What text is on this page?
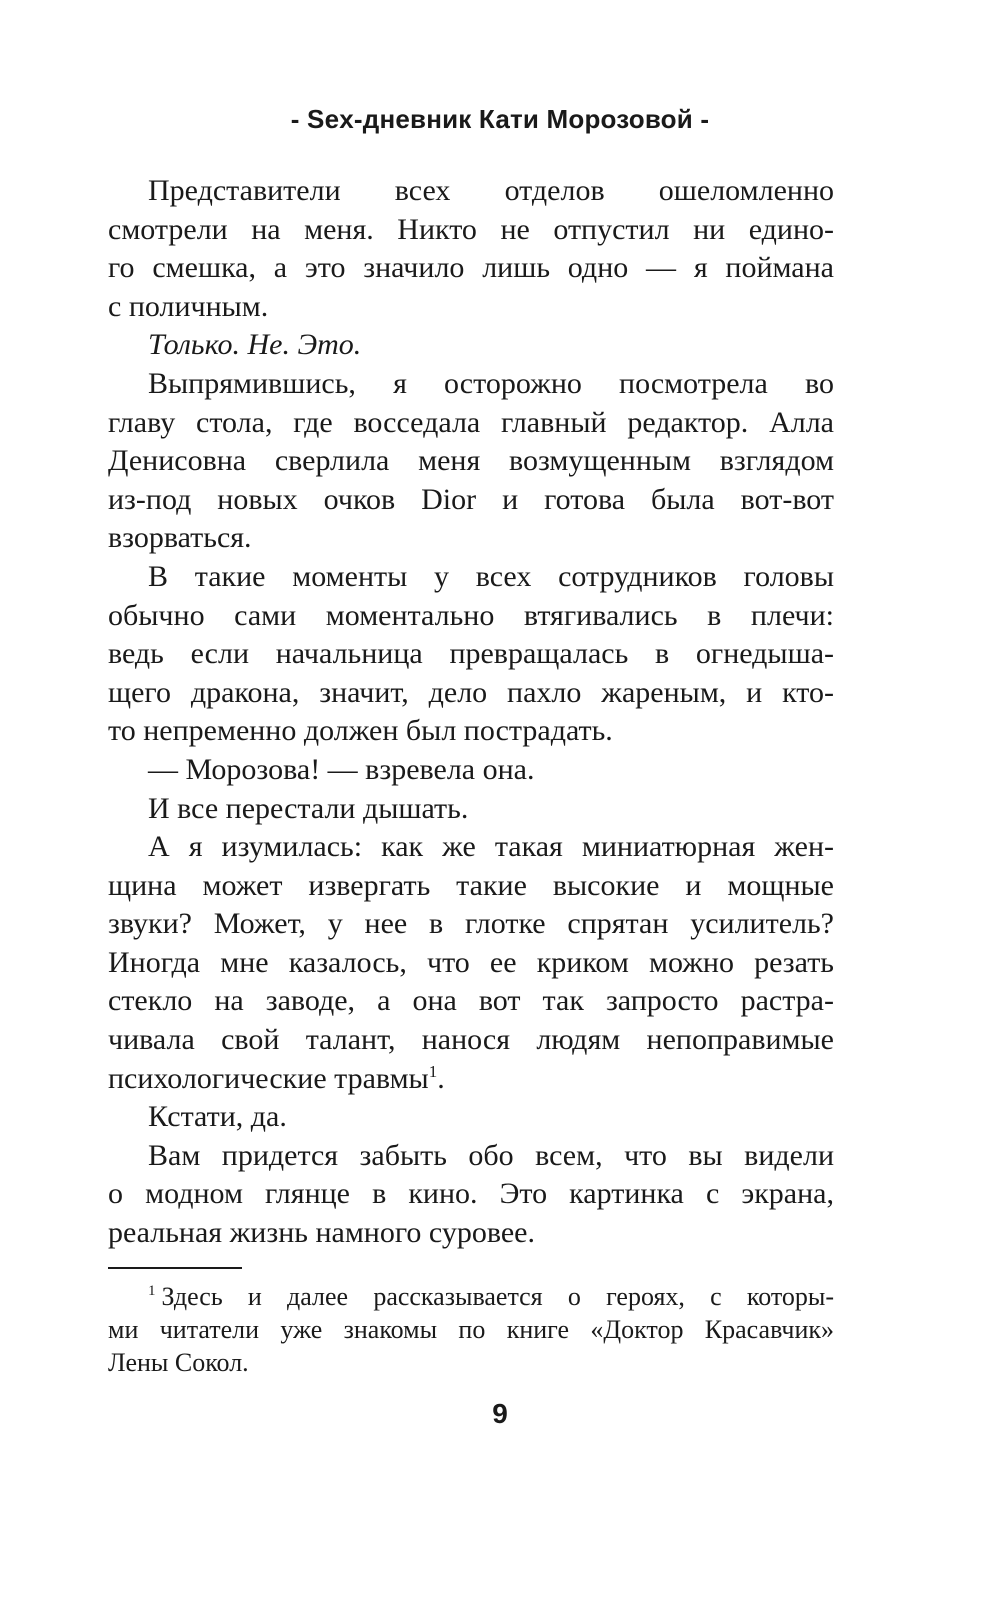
- Sex-дневник Кати Морозовой -
Представители всех отделов ошеломленно
смотрели на меня. Никто не отпустил ни едино-
го смешка, а это значило лишь одно — я поймана
с поличным.
Только. Не. Это.
Выпрямившись, я осторожно посмотрела во
главу стола, где восседала главный редактор. Алла
Денисовна сверлила меня возмущенным взглядом
из-под новых очков Dior и готова была вот-вот
взорваться.
В такие моменты у всех сотрудников головы
обычно сами моментально втягивались в плечи:
ведь если начальница превращалась в огнедыша-
щего дракона, значит, дело пахло жареным, и кто-
то непременно должен был пострадать.
— Морозова! — взревела она.
И все перестали дышать.
А я изумилась: как же такая миниатюрная жен-
щина может извергать такие высокие и мощные
звуки? Может, у нее в глотке спрятан усилитель?
Иногда мне казалось, что ее криком можно резать
стекло на заводе, а она вот так запросто растра-
чивала свой талант, нанося людям непоправимые
психологические травмы$^1$.
Кстати, да.
Вам придется забыть обо всем, что вы видели
о модном глянце в кино. Это картинка с экрана,
реальная жизнь намного суровее.
$^1$ Здесь и далее рассказывается о героях, с которы-
ми читатели уже знакомы по книге «Доктор Красавчик»
Лены Сокол.
9
